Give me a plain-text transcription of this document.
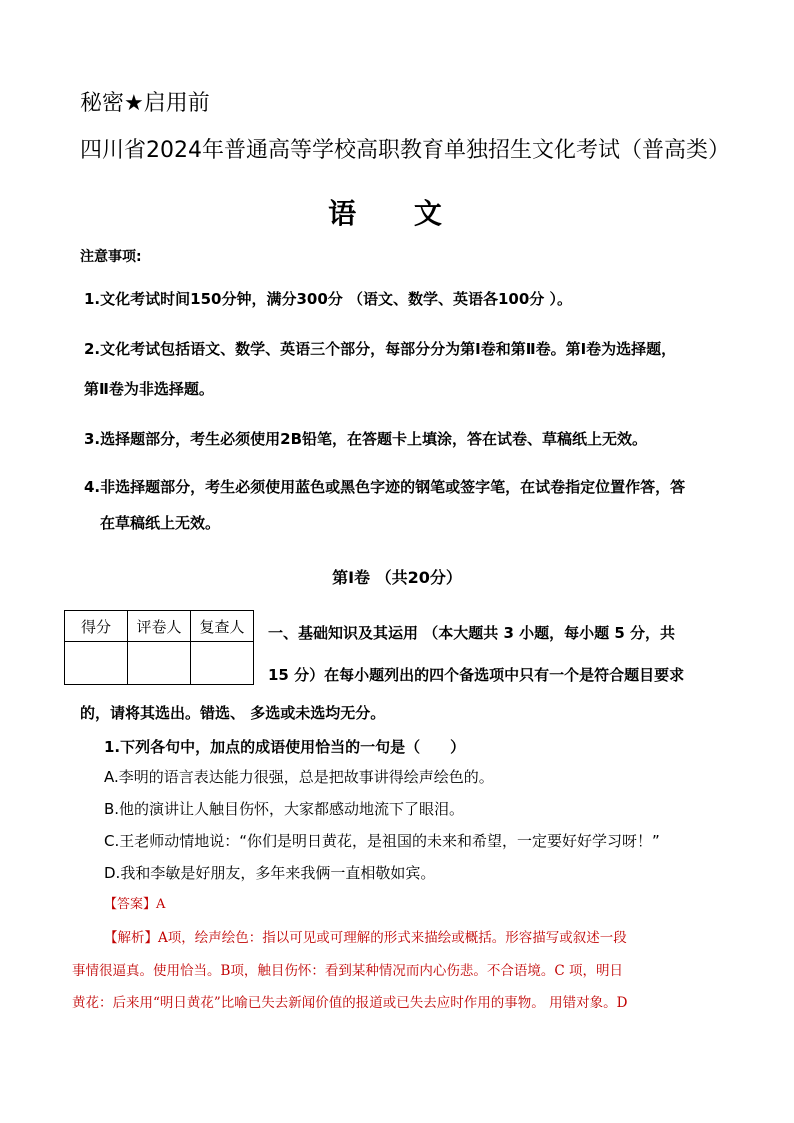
秘密★启用前
四川省2024年普通高等学校高职教育单独招生文化考试（普高类）
语 文
注意事项:
1.文化考试时间150分钟，满分300分 （语文、数学、英语各100分 ）。
2.文化考试包括语文、数学、英语三个部分，每部分分为第Ⅰ卷和第Ⅱ卷。第Ⅰ卷为选择题，
第Ⅱ卷为非选择题。
3.选择题部分，考生必须使用2B铅笔，在答题卡上填涂，答在试卷、草稿纸上无效。
4.非选择题部分，考生必须使用蓝色或黑色字迹的钢笔或签字笔，在试卷指定位置作答，答
在草稿纸上无效。
第Ⅰ卷 （共20分）
得分	评卷人	复查人
		一、基础知识及其运用 （本大题共 3 小题，每小题 5 分，共
15 分）在每小题列出的四个备选项中只有一个是符合题目要求
的，请将其选出。错选、 多选或未选均无分。
1.下列各句中，加点的成语使用恰当的一句是（　　）
A.李明的语言表达能力很强，总是把故事讲得绘声绘色的。
B.他的演讲让人触目伤怀，大家都感动地流下了眼泪。
C.王老师动情地说：“你们是明日黄花，是祖国的未来和希望，一定要好好学习呀！”
D.我和李敏是好朋友，多年来我俩一直相敬如宾。
【答案】A
【解析】A项，绘声绘色：指以可见或可理解的形式来描绘或概括。形容描写或叙述一段
事情很逼真。使用恰当。B项，触目伤怀：看到某种情况而内心伤悲。不合语境。C 项，明日
黄花：后来用“明日黄花”比喻已失去新闻价值的报道或已失去应时作用的事物。 用错对象。D
